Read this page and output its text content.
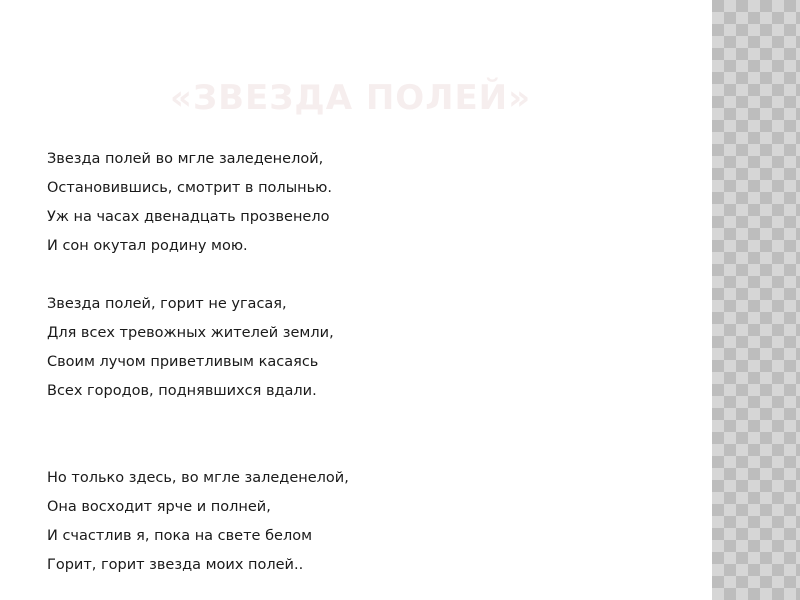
«ЗВЕЗДА ПОЛЕЙ»
Звезда полей во мгле заледенелой,
Остановившись, смотрит в полынью.
Уж на часах двенадцать прозвенело
И сон окутал родину мою.
Звезда полей, горит не угасая,
Для всех тревожных жителей земли,
Своим лучом приветливым касаясь
Всех городов, поднявшихся вдали.
Но только здесь, во мгле заледенелой,
Она восходит ярче и полней,
И счастлив я, пока на свете белом
Горит, горит звезда моих полей..
